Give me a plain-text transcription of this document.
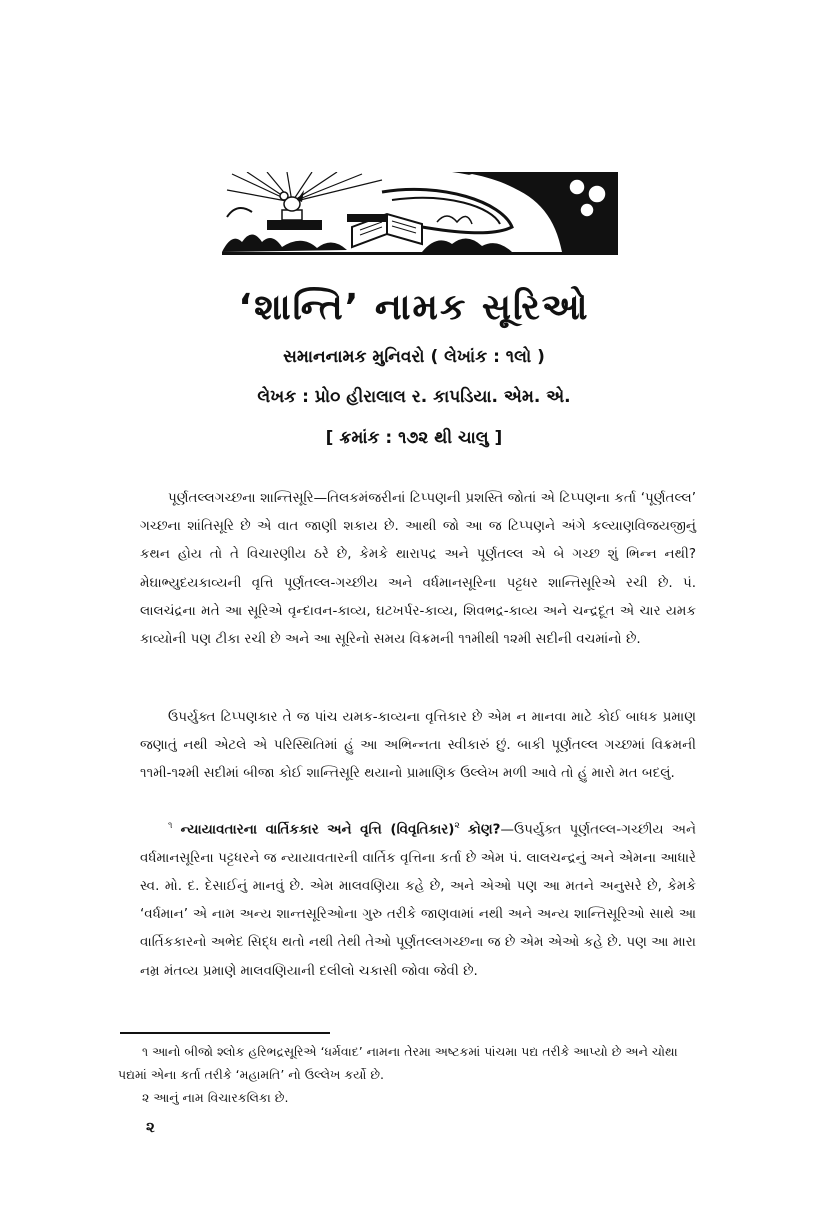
‘શાન્તિ’ નામક સૂરિઓ
સમાનનામક મુનિવરો ( લેખાંક : ૧લો )
લેખક : પ્રો૦ હીરાલાલ ર. કાપડિયા. એમ. એ.
[ ક્રમાંક : ૧૭૨ થી ચાલુ ]

પૂર્ણતલ્લગચ્છના શાન્તિસૂરિ—તિલકમંજરીનાં ટિપ્પણની પ્રશસ્તિ જોતાં એ ટિપ્પણના કર્તા ‘પૂર્ણતલ્લ’ ગચ્છના શાંતિસૂરિ છે એ વાત જાણી શકાય છે. આથી જો આ જ ટિપ્પણને અંગે કલ્યાણવિજયજીનું કથન હોય તો તે વિચારણીય ઠરે છે, કેમકે થારાપદ્ર અને પૂર્ણતલ્લ એ બે ગચ્છ શું ભિન્ન નથી? મેઘાભ્યુદયકાવ્યની વૃત્તિ પૂર્ણતલ્લ-ગચ્છીય અને વર્ધમાનસૂરિના પટ્ટધર શાન્તિસૂરિએ રચી છે. પં. લાલચંદ્રના મતે આ સૂરિએ વૃન્દાવન-કાવ્ય, ઘટખર્પર-કાવ્ય, શિવભદ્ર-કાવ્ય અને ચન્દ્રદૂત એ ચાર યમક કાવ્યોની પણ ટીકા રચી છે અને આ સૂરિનો સમય વિક્રમની ૧૧મીથી ૧૨મી સદીની વચમાંનો છે.

ઉપર્યુક્ત ટિપ્પણકાર તે જ પાંચ યમક-કાવ્યના વૃત્તિકાર છે એમ ન માનવા માટે કોઈ બાધક પ્રમાણ જણાતું નથી એટલે એ પરિસ્થિતિમાં હું આ અભિન્નતા સ્વીકારું છું. બાકી પૂર્ણતલ્લ ગચ્છમાં વિક્રમની ૧૧મી-૧૨મી સદીમાં બીજા કોઈ શાન્તિસૂરિ થયાનો પ્રામાણિક ઉલ્લેખ મળી આવે તો હું મારો મત બદલું.

$^૧$ ન્યાયાવતારના વાર્તિકકાર અને વૃત્તિ (વિવૃતિકાર)$^૨$ કોણ?—ઉપર્યુક્ત પૂર્ણતલ્લ-ગચ્છીય અને વર્ધમાનસૂરિના પટ્ટધરને જ ન્યાયાવતારની વાર્તિક વૃત્તિના કર્તા છે એમ પં. લાલચન્દ્રનું અને એમના આધારે સ્વ. મો. દ. દેસાઈનું માનવું છે. એમ માલવણિયા કહે છે, અને એઓ પણ આ મતને અનુસરે છે, કેમકે ‘વર્ધમાન’ એ નામ અન્ય શાન્તસૂરિઓના ગુરુ તરીકે જાણવામાં નથી અને અન્ય શાન્તિસૂરિઓ સાથે આ વાર્તિકકારનો અભેદ સિદ્ધ થતો નથી તેથી તેઓ પૂર્ણતલ્લગચ્છના જ છે એમ એઓ કહે છે. પણ આ મારા નમ્ર મંતવ્ય પ્રમાણે માલવણિયાની દલીલો ચકાસી જોવા જેવી છે.

૧ આનો બીજો શ્લોક હરિભદ્રસૂરિએ ‘ધર્મવાદ’ નામના તેરમા અષ્ટકમાં પાંચમા પદ્ય તરીકે આપ્યો છે અને ચોથા પદ્યમાં એના કર્તા તરીકે ‘મહામતિ’ નો ઉલ્લેખ કર્યો છે.

૨ આનું નામ વિચારકલિકા છે.

૨
